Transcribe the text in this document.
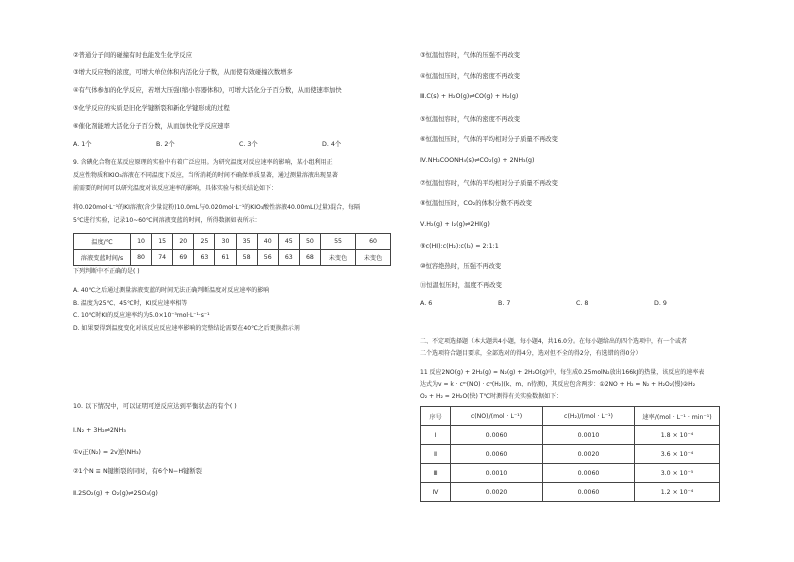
②普通分子间的碰撞有时也能发生化学反应
③增大反应物的浓度，可增大单位体积内活化分子数，从而使有效碰撞次数增多
④有气体参加的化学反应，若增大压强(缩小容器体积)，可增大活化分子百分数，从而使速率加快
⑤化学反应的实质是旧化学键断裂和新化学键形成的过程
⑥催化剂能增大活化分子百分数，从而加快化学反应速率
A. 1个	B. 2个	C. 3个	D. 4个
9. 含碘化合物在某反应原理的实验中有着广泛应用。为研究温度对反应速率的影响，某小组利用正
反应性物质和KIO₃溶液在不同温度下反应，当所消耗的时间不确保单质显著，通过测量溶液出现显著
前需要的时间可以研究温度对该反应速率的影响，具体实验与相关结论如下：
将0.020mol·L⁻¹的KI溶液(含少量淀粉)10.0mL与0.020mol·L⁻¹的KIO₃酸性溶液40.00mL(过量)混合，每隔
5℃进行实验，记录10~60℃间溶液变蓝的时间，所得数据如表所示：
温度/℃	10	15	20	25	30	35	40	45	50	55	60
溶液变蓝时间/s	80	74	69	63	61	58	56	63	68	未变色	未变色
下列判断中不正确的是( )
A. 40℃之后通过测量溶液变蓝的时间无法正确判断温度对反应速率的影响
B. 温度为25℃、45℃时，KI反应速率相等
C. 10℃时KI的反应速率约为5.0×10⁻⁵mol·L⁻¹·s⁻¹
D. 如果要得到温度变化对该反应反应速率影响的完整结论需要在40℃之后更换指示剂
10. 以下情况中，可以证明可逆反应达到平衡状态的有个( )
Ⅰ.N₂ + 3H₂⇌2NH₃
①v正(N₂) = 2v逆(NH₃)
②1个N ≡ N键断裂的同时，有6个N−H键断裂
Ⅱ.2SO₂(g) + O₂(g)⇌2SO₃(g)
③恒温恒容时，气体的压强不再改变
④恒温恒压时，气体的密度不再改变
Ⅲ.C(s) + H₂O(g)⇌CO(g) + H₂(g)
⑤恒温恒容时，气体的密度不再改变
⑥恒温恒压时，气体的平均相对分子质量不再改变
Ⅳ.NH₂COONH₄(s)⇌CO₂(g) + 2NH₃(g)
⑦恒温恒容时，气体的平均相对分子质量不再改变
⑧恒温恒压时，CO₂的体积分数不再改变
Ⅴ.H₂(g) + I₂(g)⇌2HI(g)
⑨c(HI):c(H₂):c(I₂) = 2:1:1
⑩恒容绝热时，压强不再改变
⑪恒温恒压时，温度不再改变
A. 6	B. 7	C. 8	D. 9
二、不定项选择题（本大题共4小题，每小题4，共16.0分。在每小题给出的四个选项中，有一个或者
二个选项符合题目要求，全部选对的得4分，选对但不全的得2分，有选错的得0分）
11 反应2NO(g) + 2H₂(g) = N₂(g) + 2H₂O(g)中，每生成0.25molN₂放出166kJ的热量，该反应的速率表
达式为v = k · cᵐ(NO) · cⁿ(H₂)(k、m、n待测)，其反应包含两步：①2NO + H₂ = N₂ + H₂O₂(慢)②H₂
O₂ + H₂ = 2H₂O(快) T℃时测得有关实验数据如下：
序号	c(NO)/(mol · L⁻¹)	c(H₂)/(mol · L⁻¹)	速率/(mol · L⁻¹ · min⁻¹)
Ⅰ	0.0060	0.0010	1.8 × 10⁻⁴
Ⅱ	0.0060	0.0020	3.6 × 10⁻⁴
Ⅲ	0.0010	0.0060	3.0 × 10⁻⁵
Ⅳ	0.0020	0.0060	1.2 × 10⁻⁴
